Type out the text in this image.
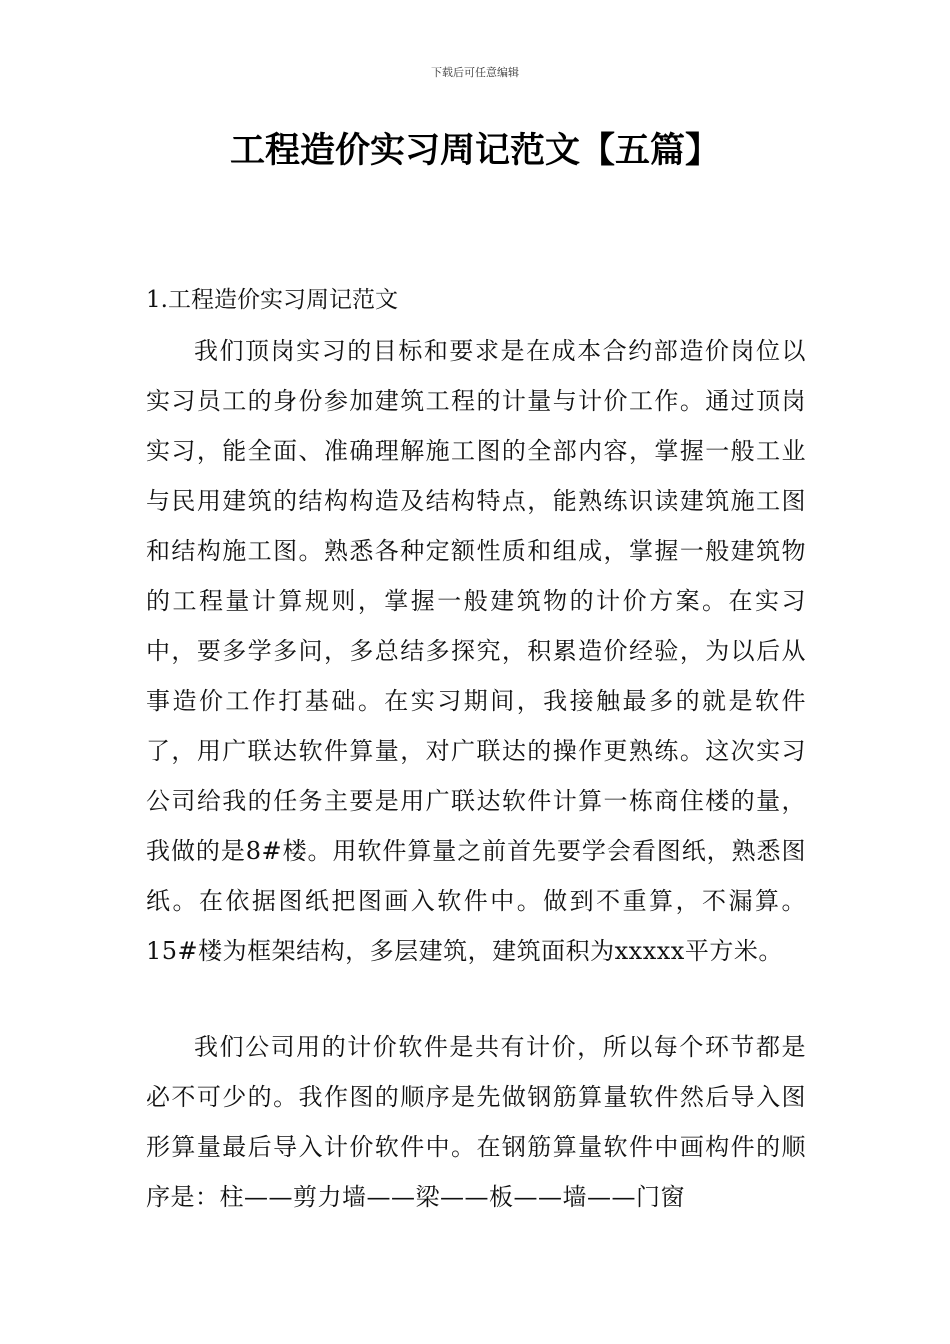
下载后可任意编辑
工程造价实习周记范文【五篇】
1.工程造价实习周记范文

我们顶岗实习的目标和要求是在成本合约部造价岗位以实习员工的身份参加建筑工程的计量与计价工作。通过顶岗实习，能全面、准确理解施工图的全部内容，掌握一般工业与民用建筑的结构构造及结构特点，能熟练识读建筑施工图和结构施工图。熟悉各种定额性质和组成，掌握一般建筑物的工程量计算规则，掌握一般建筑物的计价方案。在实习中，要多学多问，多总结多探究，积累造价经验，为以后从事造价工作打基础。在实习期间，我接触最多的就是软件了，用广联达软件算量，对广联达的操作更熟练。这次实习公司给我的任务主要是用广联达软件计算一栋商住楼的量，我做的是8#楼。用软件算量之前首先要学会看图纸，熟悉图纸。在依据图纸把图画入软件中。做到不重算，不漏算。15#楼为框架结构，多层建筑，建筑面积为xxxxx平方米。

我们公司用的计价软件是共有计价，所以每个环节都是必不可少的。我作图的顺序是先做钢筋算量软件然后导入图形算量最后导入计价软件中。在钢筋算量软件中画构件的顺序是：柱——剪力墙——梁——板——墙——门窗
